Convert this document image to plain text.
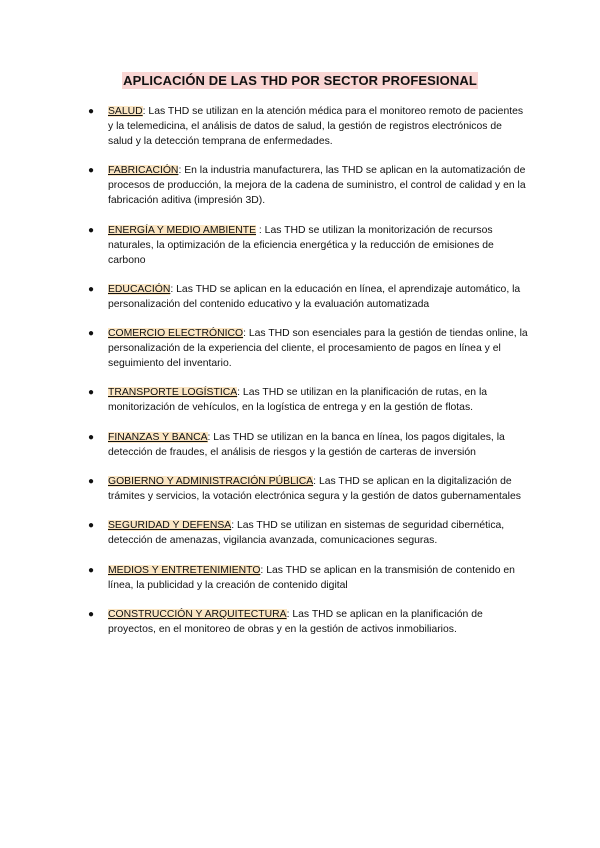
APLICACIÓN DE LAS THD POR SECTOR PROFESIONAL
● SALUD: Las THD se utilizan en la atención médica para el monitoreo remoto de pacientes y la telemedicina, el análisis de datos de salud, la gestión de registros electrónicos de salud y la detección temprana de enfermedades.
● FABRICACIÓN: En la industria manufacturera, las THD se aplican en la automatización de procesos de producción, la mejora de la cadena de suministro, el control de calidad y en la fabricación aditiva (impresión 3D).
● ENERGÍA Y MEDIO AMBIENTE : Las THD se utilizan la monitorización de recursos naturales, la optimización de la eficiencia energética y la reducción de emisiones de carbono
● EDUCACIÓN: Las THD se aplican en la educación en línea, el aprendizaje automático, la personalización del contenido educativo y la evaluación automatizada
● COMERCIO ELECTRÓNICO: Las THD son esenciales para la gestión de tiendas online, la personalización de la experiencia del cliente, el procesamiento de pagos en línea y el seguimiento del inventario.
● TRANSPORTE LOGÍSTICA: Las THD se utilizan en la planificación de rutas, en la monitorización de vehículos, en la logística de entrega y en la gestión de flotas.
● FINANZAS Y BANCA: Las THD se utilizan en la banca en línea, los pagos digitales, la detección de fraudes, el análisis de riesgos y la gestión de carteras de inversión
● GOBIERNO Y ADMINISTRACIÓN PÚBLICA: Las THD se aplican en la digitalización de trámites y servicios, la votación electrónica segura y la gestión de datos gubernamentales
● SEGURIDAD Y DEFENSA: Las THD se utilizan en sistemas de seguridad cibernética, detección de amenazas, vigilancia avanzada, comunicaciones seguras.
● MEDIOS Y ENTRETENIMIENTO: Las THD se aplican en la transmisión de contenido en línea, la publicidad y la creación de contenido digital
● CONSTRUCCIÓN Y ARQUITECTURA: Las THD se aplican en la planificación de proyectos, en el monitoreo de obras y en la gestión de activos inmobiliarios.
